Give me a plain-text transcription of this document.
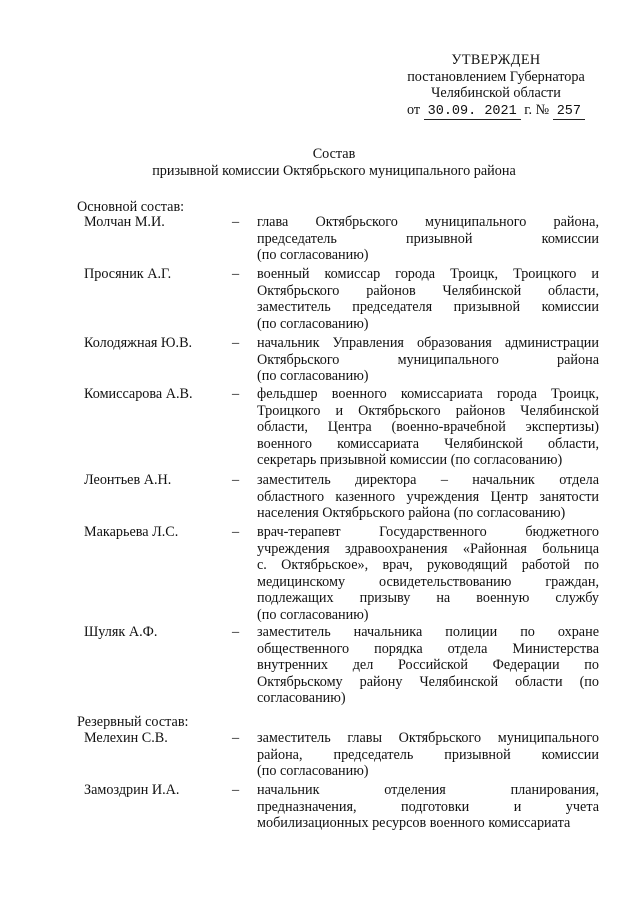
УТВЕРЖДЕН
постановлением Губернатора
Челябинской области
от 30.09. 2021 г. № 257
Состав
призывной комиссии Октябрьского муниципального района
Основной состав:
Молчан М.И.	– глава Октябрьского муниципального района,
председатель призывной комиссии
(по согласованию)
Просяник А.Г.	– военный комиссар города Троицк, Троицкого и
Октябрьского районов Челябинской области,
заместитель председателя призывной комиссии
(по согласованию)
Колодяжная Ю.В.	– начальник Управления образования администрации
Октябрьского муниципального района
(по согласованию)
Комиссарова А.В.	– фельдшер военного комиссариата города Троицк,
Троицкого и Октябрьского районов Челябинской
области, Центра (военно-врачебной экспертизы)
военного комиссариата Челябинской области,
секретарь призывной комиссии (по согласованию)
Леонтьев А.Н.	– заместитель директора – начальник отдела
областного казенного учреждения Центр занятости
населения Октябрьского района (по согласованию)
Макарьева Л.С.	– врач-терапевт Государственного бюджетного
учреждения здравоохранения «Районная больница
с. Октябрьское», врач, руководящий работой по
медицинскому освидетельствованию граждан,
подлежащих призыву на военную службу
(по согласованию)
Шуляк А.Ф.	– заместитель начальника полиции по охране
общественного порядка отдела Министерства
внутренних дел Российской Федерации по
Октябрьскому району Челябинской области (по
согласованию)
Резервный состав:
Мелехин С.В.	– заместитель главы Октябрьского муниципального
района, председатель призывной комиссии
(по согласованию)
Замоздрин И.А.	– начальник отделения планирования,
предназначения, подготовки и учета
мобилизационных ресурсов военного комиссариата
